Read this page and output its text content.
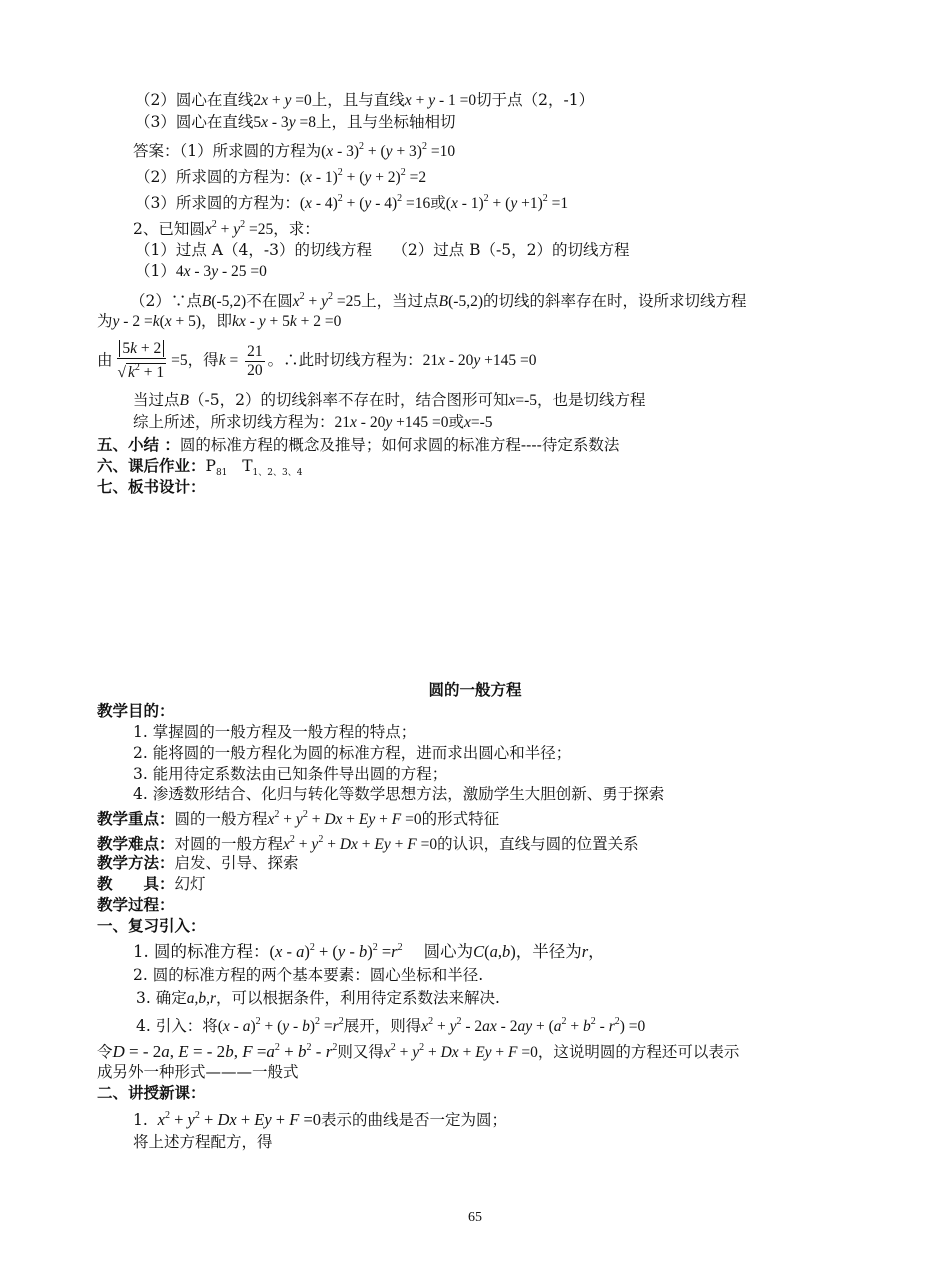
（2）圆心在直线2x + y =0上，且与直线x + y - 1 =0切于点（2，-1）
（3）圆心在直线5x - 3y =8上，且与坐标轴相切
答案：（1）所求圆的方程为$(x - 3)^2 + (y + 3)^2 =10$
（2）所求圆的方程为：$(x - 1)^2 + (y + 2)^2 =2$
（3）所求圆的方程为：(x - 4)$^2$ + (y - 4)$^2$ =16或$(x - 1)^2 + (y +1)^2 =1$
2、已知圆$x^2 + y^2 =25$，求：
（1）过点 A（4，-3）的切线方程　 （2）过点 B（-5，2）的切线方程
（1）4x - 3y - 25 =0
（2）∵点B(-5,2)不在圆$x^2 + y^2 =25$上，当过点B(-5,2)的切线的斜率存在时，设所求切线方程
为y - 2 =k(x + 5)，即kx - y + 5k + 2 =0
由 $\frac{5k + 2}{√ k^2 + 1} =5$，得$k = \frac{21}{20}$ 。∴此时切线方程为：21x - 20y +145 =0
当过点B（-5，2）的切线斜率不存在时，结合图形可知x=-5，也是切线方程
综上所述，所求切线方程为：21x - 20y +145 =0或x=-5
五、小结 ：圆的标准方程的概念及推导；如何求圆的标准方程----待定系数法
六、课后作业：$P_{81}$ $T_{1、2、3、4}$
七、板书设计：
圆的一般方程
教学目的：
1. 掌握圆的一般方程及一般方程的特点；
2. 能将圆的一般方程化为圆的标准方程，进而求出圆心和半径；
3. 能用待定系数法由已知条件导出圆的方程；
4. 渗透数形结合、化归与转化等数学思想方法，激励学生大胆创新、勇于探索
教学重点：圆的一般方程$x^2 + y^2 + Dx + Ey + F =0$的形式特征
教学难点：对圆的一般方程$x^2 + y^2 + Dx + Ey + F =0$的认识，直线与圆的位置关系
教学方法：启发、引导、探索
教　　具：幻灯
教学过程：
一、复习引入：
1. 圆的标准方程：$(x - a)^2 + (y - b)^2 =r^2$ 圆心为C(a,b)，半径为r，
2. 圆的标准方程的两个基本要素：圆心坐标和半径.
3. 确定a,b,r，可以根据条件，利用待定系数法来解决.
4. 引入：将$(x - a)^2 + (y - b)^2 =r^2$展开，则得$x^2 + y^2 - 2ax - 2ay + (a^2 + b^2 - r^2) =0$
令D = - 2a, E = - 2b, $F =a^2 + b^2 - r^2$则又得$x^2 + y^2 + Dx + Ey + F =0$，这说明圆的方程还可以表示
成另外一种形式———一般式
二、讲授新课：
1. $x^2 + y^2 + Dx + Ey + F =0$表示的曲线是否一定为圆；
将上述方程配方，得
65
